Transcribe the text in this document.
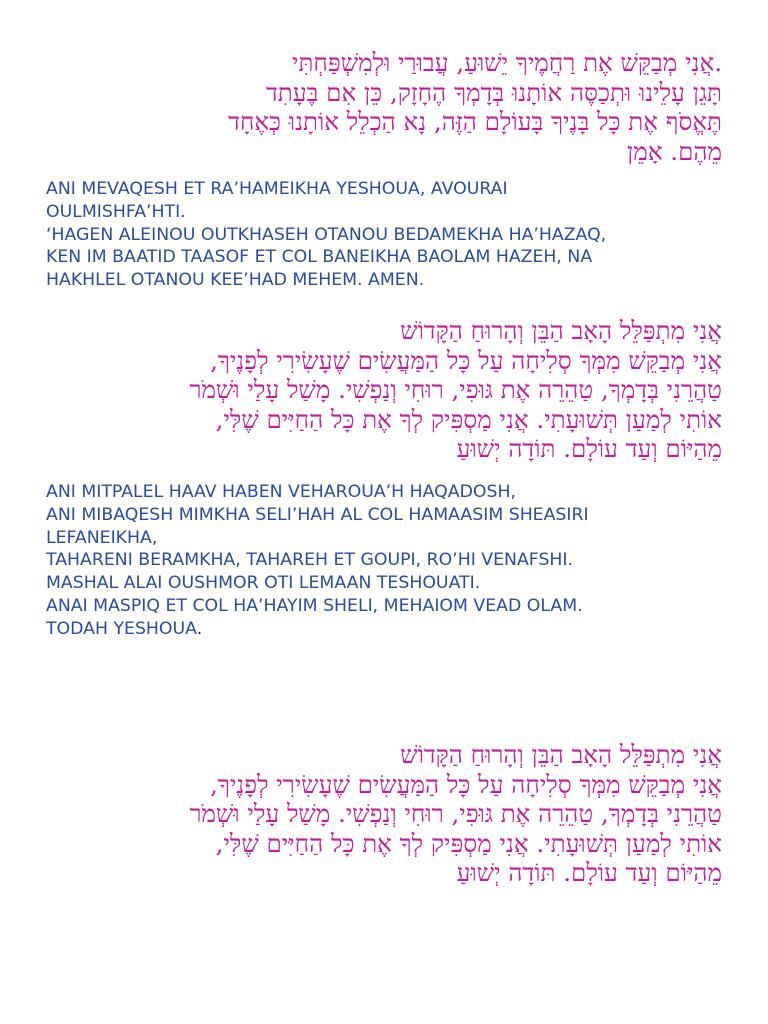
.אֲנִי מְבַקֵּשׁ אֶת רַחֲמֶיךָ יֵשׁוּעַ, עֲבוּרַי וּלְמִשְׁפַּחְתִּי
תָּגֵן עָלֵינוּ וּתְכַסֶּה אוֹתָנוּ בְּדָמְךָ הֶחָזָק, כֵּן אִם בֶּעָתִד
תֶּאֱסֹף אֶת כָּל בָּנֶיךָ בָּעוֹלָם הַזֶּה, נָא הַכְלֵל אוֹתָנוּ כְּאֶחָד
מֵהֶם. אָמֵן
ANI MEVAQESH ET RA’HAMEIKHA YESHOUA, AVOURAI
OULMISHFA’HTI.
‘HAGEN ALEINOU OUTKHASEH OTANOU BEDAMEKHA HA’HAZAQ,
KEN IM BAATID TAASOF ET COL BANEIKHA BAOLAM HAZEH, NA
HAKHLEL OTANOU KEE’HAD MEHEM. AMEN.
אֲנִי מִתְפַּלֵּל הָאָב הַבֵּן וְהָרוּחַ הַקָּדוֹשׁ
אֲנִי מְבַקֵּשׁ מִמְּךָ סְלִיחָה עַל כָּל הַמַּעֲשִׂים שֶׁעָשִׂירִי לְפָנֶיךָ,
טַהֲרֵנִי בְּדָמְךָ, טַהֵרֵה אֶת גּוּפִי, רוּחִי וְנַפְשִׁי. מָשַׁל עָלַי וּשְׁמֹר
אוֹתִי לְמַעַן תְּשׁוּעָתִי. אֲנִי מַסְפִּיק לְךָ אֶת כָּל הַחַיִּים שֶׁלִּי,
מֵהַיּוֹם וְעַד עוֹלָם. תּוֹדָה יְשׁוּעַ
ANI MITPALEL HAAV HABEN VEHAROUA’H HAQADOSH,
ANI MIBAQESH MIMKHA SELI’HAH AL COL HAMAASIM SHEASIRI
LEFANEIKHA,
TAHARENI BERAMKHA, TAHAREH ET GOUPI, RO’HI VENAFSHI.
MASHAL ALAI OUSHMOR OTI LEMAAN TESHOUATI.
ANAI MASPIQ ET COL HA’HAYIM SHELI, MEHAIOM VEAD OLAM.
TODAH YESHOUA.
אֲנִי מִתְפַּלֵּל הָאָב הַבֵּן וְהָרוּחַ הַקָּדוֹשׁ
אֲנִי מְבַקֵּשׁ מִמְּךָ סְלִיחָה עַל כָּל הַמַּעֲשִׂים שֶׁעָשִׂירִי לְפָנֶיךָ,
טַהֲרֵנִי בְּדָמְךָ, טַהֵרֵה אֶת גּוּפִי, רוּחִי וְנַפְשִׁי. מָשַׁל עָלַי וּשְׁמֹר
אוֹתִי לְמַעַן תְּשׁוּעָתִי. אֲנִי מַסְפִּיק לְךָ אֶת כָּל הַחַיִּים שֶׁלִּי,
מֵהַיּוֹם וְעַד עוֹלָם. תּוֹדָה יְשׁוּעַ
